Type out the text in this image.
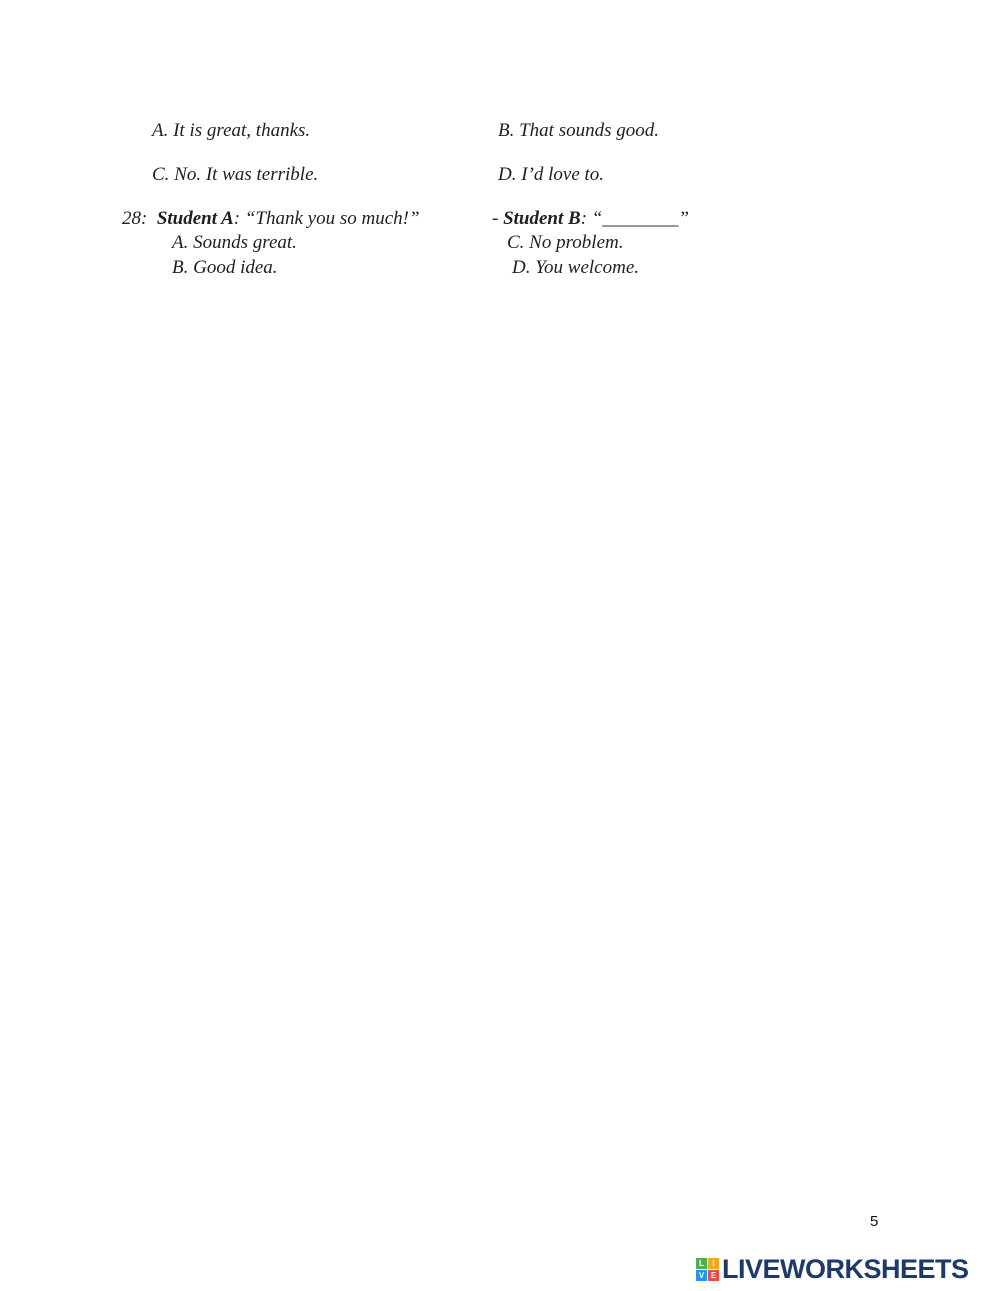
A. It is great, thanks.	B. That sounds good.
C. No. It was terrible.	D. I’d love to.
28: Student A: “Thank you so much!”	- Student B: “________”
A. Sounds great.	C. No problem.
B. Good idea.	D. You welcome.
5
L	I
V E LIVEWORKSHEETS
